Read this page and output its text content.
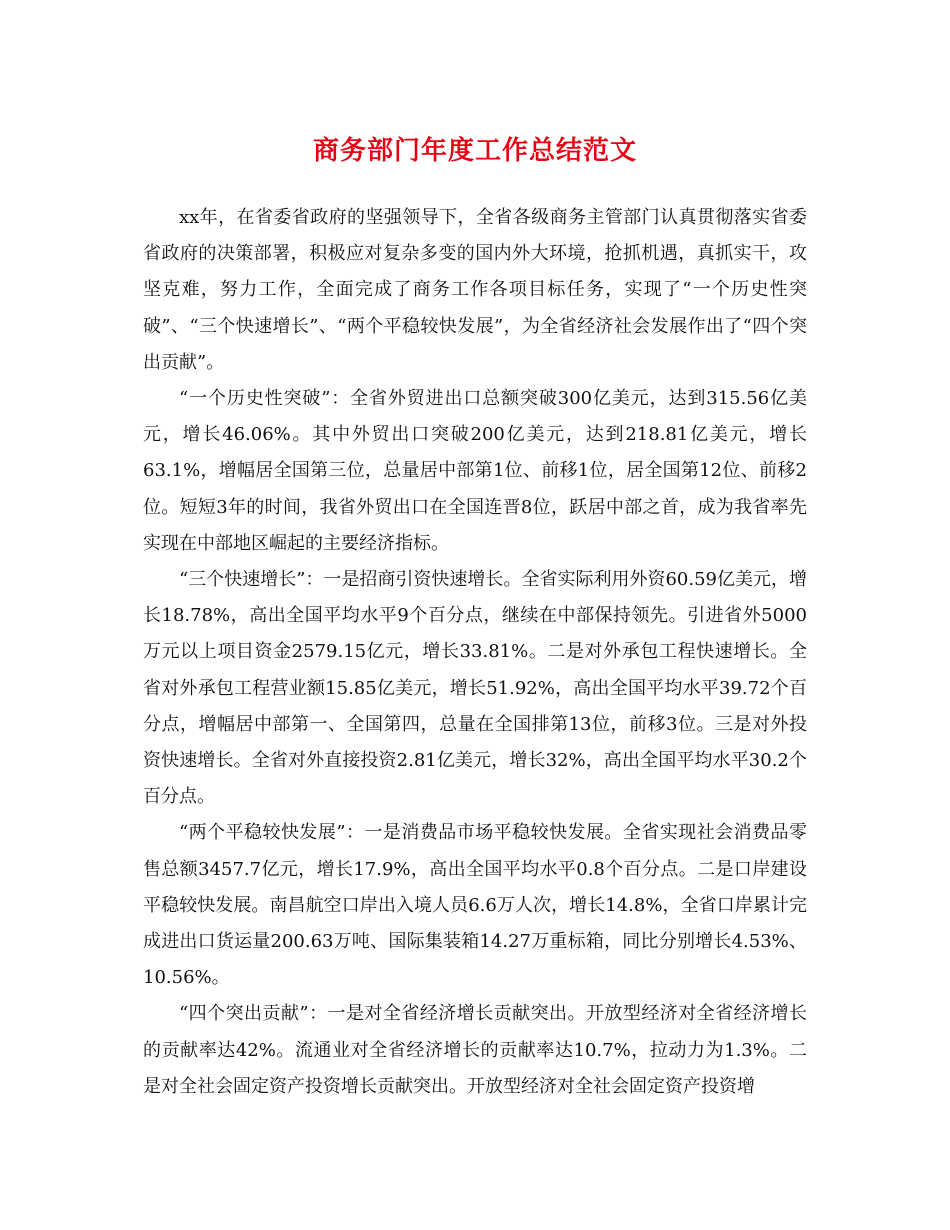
商务部门年度工作总结范文

xx年，在省委省政府的坚强领导下，全省各级商务主管部门认真贯彻落实省委省政府的决策部署，积极应对复杂多变的国内外大环境，抢抓机遇，真抓实干，攻坚克难，努力工作，全面完成了商务工作各项目标任务，实现了“一个历史性突破”、“三个快速增长”、“两个平稳较快发展”，为全省经济社会发展作出了“四个突出贡献”。

“一个历史性突破”：全省外贸进出口总额突破300亿美元，达到315.56亿美元，增长46.06%。其中外贸出口突破200亿美元，达到218.81亿美元，增长63.1%，增幅居全国第三位，总量居中部第1位、前移1位，居全国第12位、前移2位。短短3年的时间，我省外贸出口在全国连晋8位，跃居中部之首，成为我省率先实现在中部地区崛起的主要经济指标。

“三个快速增长”：一是招商引资快速增长。全省实际利用外资60.59亿美元，增长18.78%，高出全国平均水平9个百分点，继续在中部保持领先。引进省外5000万元以上项目资金2579.15亿元，增长33.81%。二是对外承包工程快速增长。全省对外承包工程营业额15.85亿美元，增长51.92%，高出全国平均水平39.72个百分点，增幅居中部第一、全国第四，总量在全国排第13位，前移3位。三是对外投资快速增长。全省对外直接投资2.81亿美元，增长32%，高出全国平均水平30.2个百分点。

“两个平稳较快发展”：一是消费品市场平稳较快发展。全省实现社会消费品零售总额3457.7亿元，增长17.9%，高出全国平均水平0.8个百分点。二是口岸建设平稳较快发展。南昌航空口岸出入境人员6.6万人次，增长14.8%，全省口岸累计完成进出口货运量200.63万吨、国际集装箱14.27万重标箱，同比分别增长4.53%、10.56%。

“四个突出贡献”：一是对全省经济增长贡献突出。开放型经济对全省经济增长的贡献率达42%。流通业对全省经济增长的贡献率达10.7%，拉动力为1.3%。二是对全社会固定资产投资增长贡献突出。开放型经济对全社会固定资产投资增
